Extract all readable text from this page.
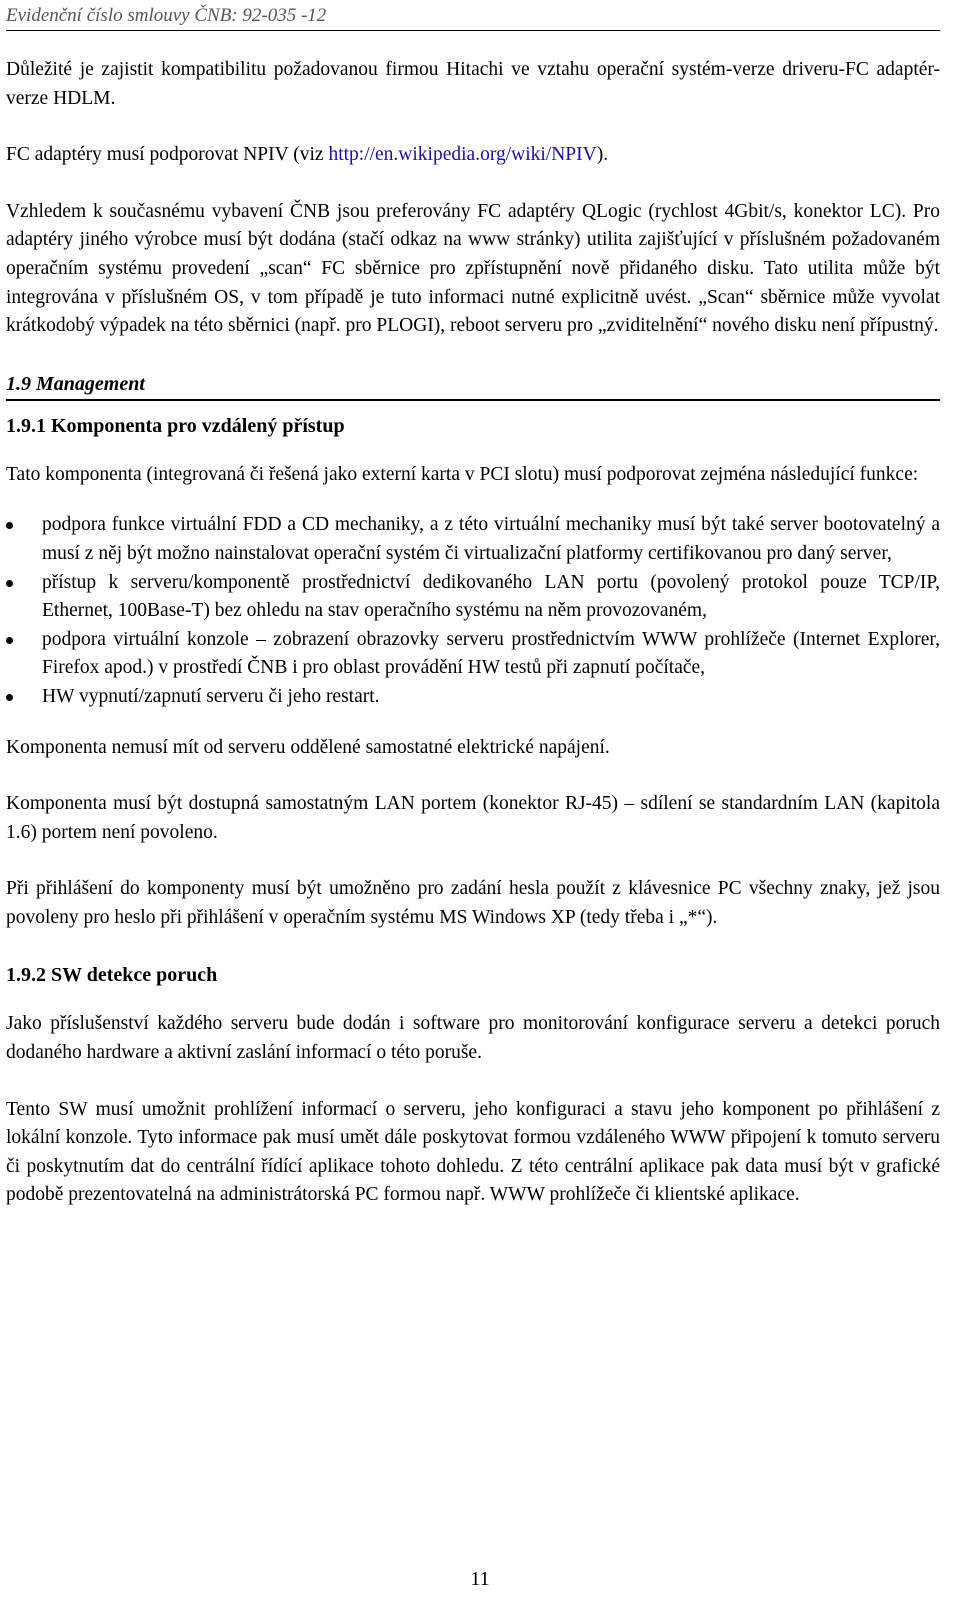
Evidenční číslo smlouvy ČNB: 92-035 -12

Důležité je zajistit kompatibilitu požadovanou firmou Hitachi ve vztahu operační systém-verze driveru-FC adaptér-verze HDLM.

FC adaptéry musí podporovat NPIV (viz http://en.wikipedia.org/wiki/NPIV).

Vzhledem k současnému vybavení ČNB jsou preferovány FC adaptéry QLogic (rychlost 4Gbit/s, konektor LC). Pro adaptéry jiného výrobce musí být dodána (stačí odkaz na www stránky) utilita zajišťující v příslušném požadovaném operačním systému provedení „scan“ FC sběrnice pro zpřístupnění nově přidaného disku. Tato utilita může být integrována v příslušném OS, v tom případě je tuto informaci nutné explicitně uvést. „Scan“ sběrnice může vyvolat krátkodobý výpadek na této sběrnici (např. pro PLOGI), reboot serveru pro „zviditelnění“ nového disku není přípustný.

1.9 Management
1.9.1 Komponenta pro vzdálený přístup

Tato komponenta (integrovaná či řešená jako externí karta v PCI slotu) musí podporovat zejména následující funkce:

podpora funkce virtuální FDD a CD mechaniky, a z této virtuální mechaniky musí být také server bootovatelný a musí z něj být možno nainstalovat operační systém či virtualizační platformy certifikovanou pro daný server,
přístup k serveru/komponentě prostřednictví dedikovaného LAN portu (povolený protokol pouze TCP/IP, Ethernet, 100Base-T) bez ohledu na stav operačního systému na něm provozovaném,
podpora virtuální konzole – zobrazení obrazovky serveru prostřednictvím WWW prohlížeče (Internet Explorer, Firefox apod.) v prostředí ČNB i pro oblast provádění HW testů při zapnutí počítače,
HW vypnutí/zapnutí serveru či jeho restart.

Komponenta nemusí mít od serveru oddělené samostatné elektrické napájení.

Komponenta musí být dostupná samostatným LAN portem (konektor RJ-45) – sdílení se standardním LAN (kapitola 1.6) portem není povoleno.

Při přihlášení do komponenty musí být umožněno pro zadání hesla použít z klávesnice PC všechny znaky, jež jsou povoleny pro heslo při přihlášení v operačním systému MS Windows XP (tedy třeba i „*“).

1.9.2 SW detekce poruch

Jako příslušenství každého serveru bude dodán i software pro monitorování konfigurace serveru a detekci poruch dodaného hardware a aktivní zaslání informací o této poruše.

Tento SW musí umožnit prohlížení informací o serveru, jeho konfiguraci a stavu jeho komponent po přihlášení z lokální konzole. Tyto informace pak musí umět dále poskytovat formou vzdáleného WWW připojení k tomuto serveru či poskytnutím dat do centrální řídící aplikace tohoto dohledu. Z této centrální aplikace pak data musí být v grafické podobě prezentovatelná na administrátorská PC formou např. WWW prohlížeče či klientské aplikace.

11
